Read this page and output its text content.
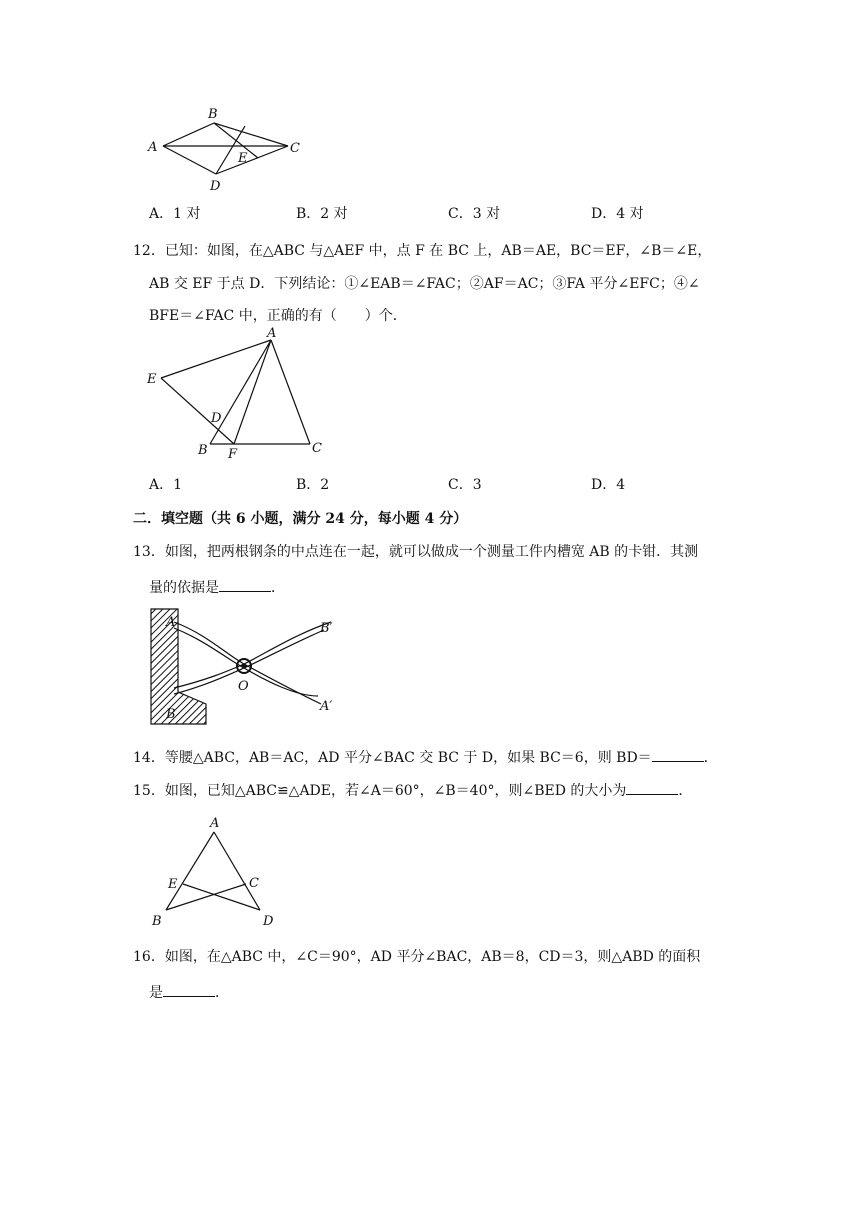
A
B
C
D
E
A．1 对	B．2 对	C．3 对	D．4 对
12．已知：如图，在△ABC 与△AEF 中，点 F 在 BC 上，AB＝AE，BC＝EF，∠B＝∠E，
AB 交 EF 于点 D．下列结论：①∠EAB＝∠FAC；②AF＝AC；③FA 平分∠EFC；④∠
BFE＝∠FAC 中，正确的有（　　）个．
A
E
D
B F	C
A．1	B．2	C．3	D．4
二．填空题（共 6 小题，满分 24 分，每小题 4 分）
13．如图，把两根钢条的中点连在一起，就可以做成一个测量工件内槽宽 AB 的卡钳．其测
量的依据是	．
A
B
O
B′
A′
14．等腰△ABC，AB＝AC，AD 平分∠BAC 交 BC 于 D，如果 BC＝6，则 BD＝	．
15．如图，已知△ABC≌△ADE，若∠A＝60°，∠B＝40°，则∠BED 的大小为	．
A
E	C
B	D
16．如图，在△ABC 中，∠C＝90°，AD 平分∠BAC，AB＝8，CD＝3，则△ABD 的面积
是	．
